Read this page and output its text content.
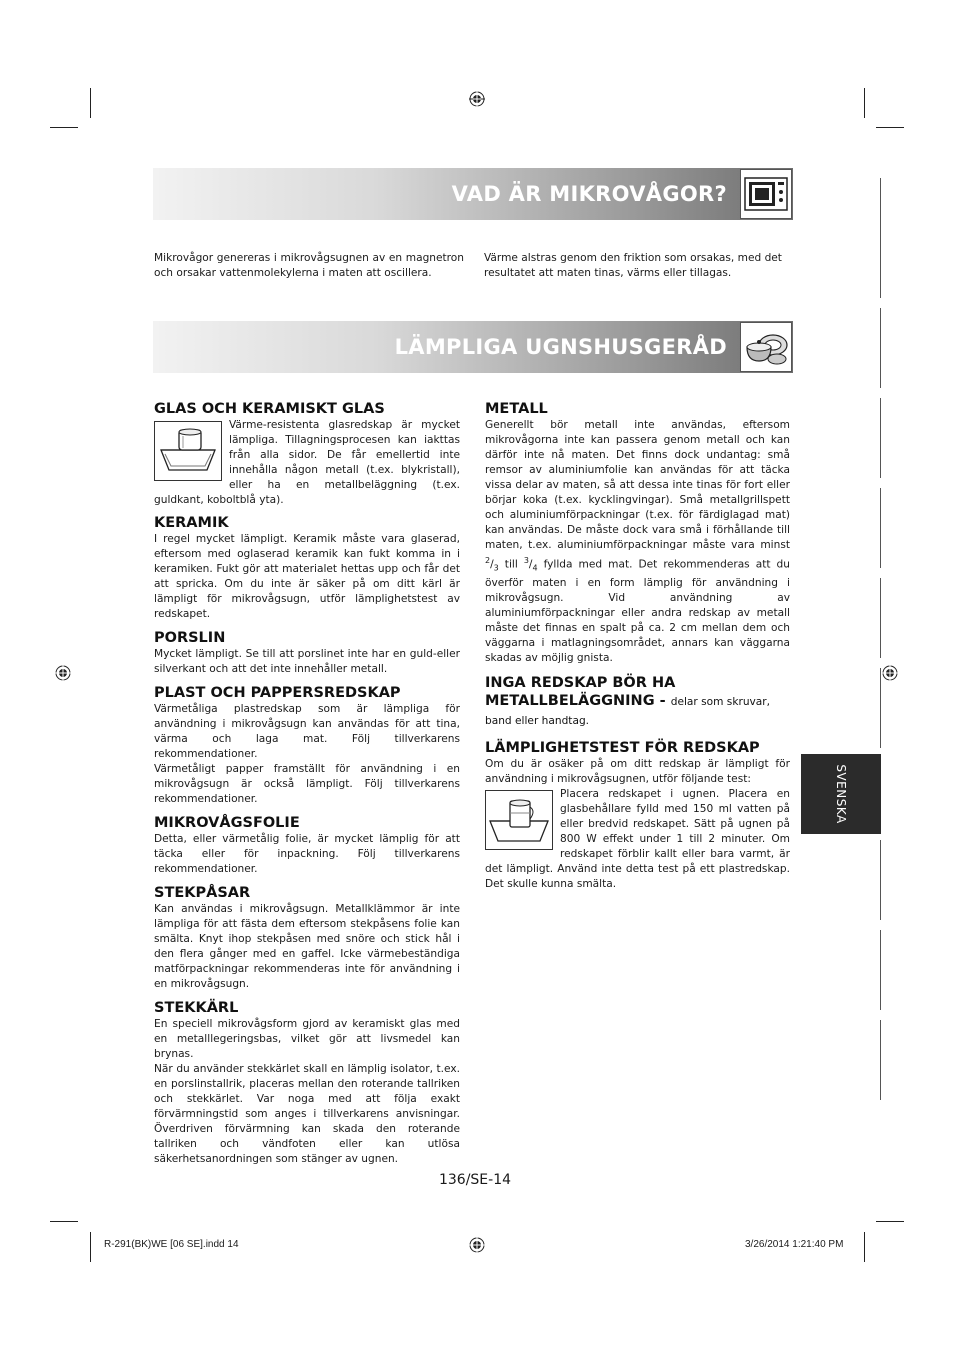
VAD ÄR MIKROVÅGOR?

Mikrovågor genereras i mikrovågsugnen av en magnetron och orsakar vattenmolekylerna i maten att oscillera.

Värme alstras genom den friktion som orsakas, med det resultatet att maten tinas, värms eller tillagas.

LÄMPLIGA UGNSHUSGERÅD
GLAS OCH KERAMISKT GLAS

Värme-resistenta glasredskap är mycket lämpliga. Tillagningsprocesen kan iakttas från alla sidor. De får emellertid inte innehålla någon metall (t.ex. blykristall), eller ha en metallbeläggning (t.ex. guldkant, koboltblå yta).

KERAMIK

I regel mycket lämpligt. Keramik måste vara glaserad, eftersom med oglaserad keramik kan fukt komma in i keramiken. Fukt gör att materialet hettas upp och får det att spricka. Om du inte är säker på om ditt kärl är lämpligt för mikrovågsugn, utför lämplighetstest av redskapet.

PORSLIN

Mycket lämpligt. Se till att porslinet inte har en guld-eller silverkant och att det inte innehåller metall.

PLAST OCH PAPPERSREDSKAP

Värmetåliga plastredskap som är lämpliga för användning i mikrovågsugn kan användas för att tina, värma och laga mat. Följ tillverkarens rekommendationer.

Värmetåligt papper framställt för användning i en mikrovågsugn är också lämpligt. Följ tillverkarens rekommendationer.

MIKROVÅGSFOLIE

Detta, eller värmetålig folie, är mycket lämplig för att täcka eller för inpackning. Följ tillverkarens rekommendationer.

STEKPÅSAR

Kan användas i mikrovågsugn. Metallklämmor är inte lämpliga för att fästa dem eftersom stekpåsens folie kan smälta. Knyt ihop stekpåsen med snöre och stick hål i den flera gånger med en gaffel. Icke värmebeständiga matförpackningar rekommenderas inte för användning i en mikrovågsugn.

STEKKÄRL

En speciell mikrovågsform gjord av keramiskt glas med en metalllegeringsbas, vilket gör att livsmedel kan brynas.

När du använder stekkärlet skall en lämplig isolator, t.ex. en porslinstallrik, placeras mellan den roterande tallriken och stekkärlet. Var noga med att följa exakt förvärmningstid som anges i tillverkarens anvisningar. Överdriven förvärmning kan skada den roterande tallriken och vändfoten eller kan utlösa säkerhetsanordningen som stänger av ugnen.

METALL

Generellt bör metall inte användas, eftersom mikrovågorna inte kan passera genom metall och kan därför inte nå maten. Det finns dock undantag: små remsor av aluminiumfolie kan användas för att täcka vissa delar av maten, så att dessa inte tinas för fort eller börjar koka (t.ex. kycklingvingar). Små metallgrillspett och aluminiumförpackningar (t.ex. för färdiglagad mat) kan användas. De måste dock vara små i förhållande till maten, t.ex. aluminiumförpackningar måste vara minst $^2/_3$ till $^3/_4$ fyllda med mat. Det rekommenderas att du överför maten i en form lämplig för användning i mikrovågsugn. Vid användning av aluminiumförpackningar eller andra redskap av metall måste det finnas en spalt på ca. 2 cm mellan dem och väggarna i matlagningsområdet, annars kan väggarna skadas av möjlig gnista.

INGA REDSKAP BÖR HA METALLBELÄGGNING - delar som skruvar, band eller handtag.
LÄMPLIGHETSTEST FÖR REDSKAP

Om du är osäker på om ditt redskap är lämpligt för användning i mikrovågsugnen, utför följande test:

Placera redskapet i ugnen. Placera en glasbehållare fylld med 150 ml vatten på eller bredvid redskapet. Sätt på ugnen på 800 W effekt under 1 till 2 minuter. Om redskapet förblir kallt eller bara varmt, är det lämpligt. Använd inte detta test på ett plastredskap. Det skulle kunna smälta.

SVENSKA
136/SE-14
R-291(BK)WE [06 SE].indd 14	3/26/2014 1:21:40 PM
